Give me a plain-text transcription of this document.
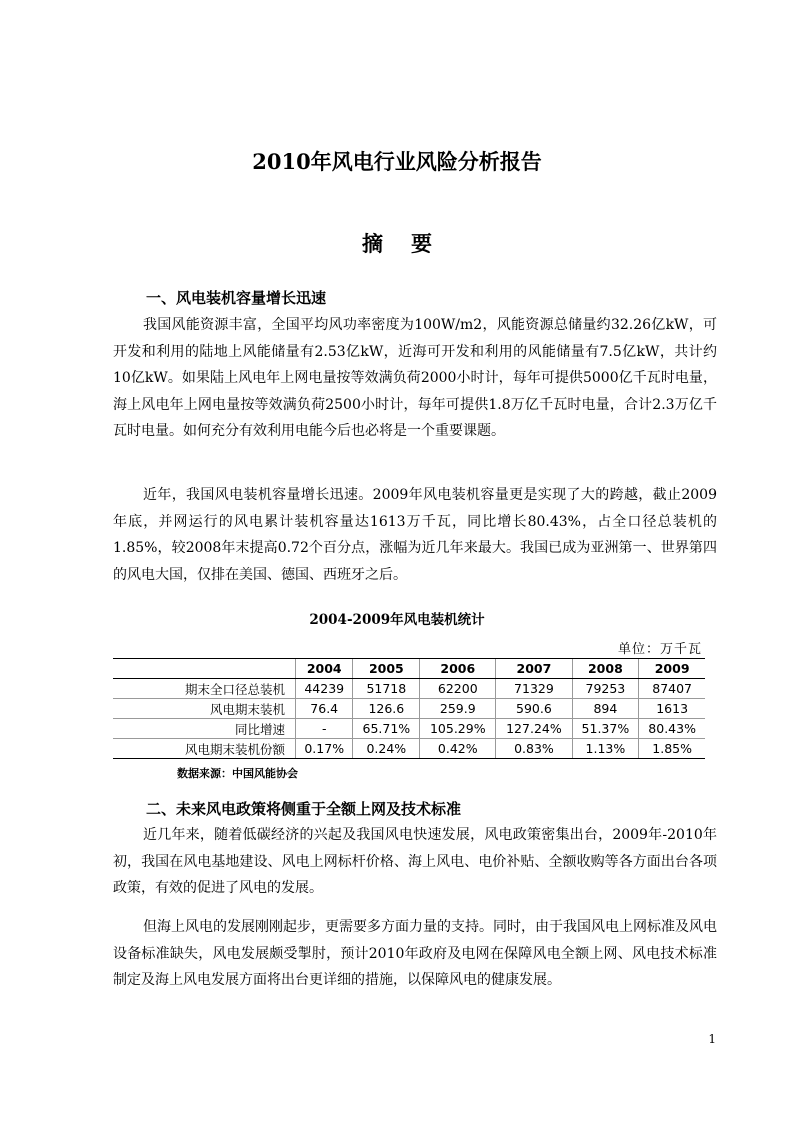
2010年风电行业风险分析报告
摘要
一、风电装机容量增长迅速

我国风能资源丰富，全国平均风功率密度为100W/m2，风能资源总储量约32.26亿kW，可开发和利用的陆地上风能储量有2.53亿kW，近海可开发和利用的风能储量有7.5亿kW，共计约10亿kW。如果陆上风电年上网电量按等效满负荷2000小时计，每年可提供5000亿千瓦时电量，海上风电年上网电量按等效满负荷2500小时计，每年可提供1.8万亿千瓦时电量，合计2.3万亿千瓦时电量。如何充分有效利用电能今后也必将是一个重要课题。

近年，我国风电装机容量增长迅速。2009年风电装机容量更是实现了大的跨越，截止2009年底，并网运行的风电累计装机容量达1613万千瓦，同比增长80.43%，占全口径总装机的1.85%，较2008年末提高0.72个百分点，涨幅为近几年来最大。我国已成为亚洲第一、世界第四的风电大国，仅排在美国、德国、西班牙之后。

2004-2009年风电装机统计
单位：万千瓦
	2004	2005	2006	2007	2008	2009
期末全口径总装机	44239	51718	62200	71329	79253	87407
风电期末装机	76.4	126.6	259.9	590.6	894	1613
同比增速	-	65.71%	105.29%	127.24%	51.37%	80.43%
风电期末装机份额	0.17%	0.24%	0.42%	0.83%	1.13%	1.85%
数据来源：中国风能协会
二、未来风电政策将侧重于全额上网及技术标准

近几年来，随着低碳经济的兴起及我国风电快速发展，风电政策密集出台，2009年-2010年初，我国在风电基地建设、风电上网标杆价格、海上风电、电价补贴、全额收购等各方面出台各项政策，有效的促进了风电的发展。

但海上风电的发展刚刚起步，更需要多方面力量的支持。同时，由于我国风电上网标准及风电设备标准缺失，风电发展颇受掣肘，预计2010年政府及电网在保障风电全额上网、风电技术标准制定及海上风电发展方面将出台更详细的措施，以保障风电的健康发展。

1
